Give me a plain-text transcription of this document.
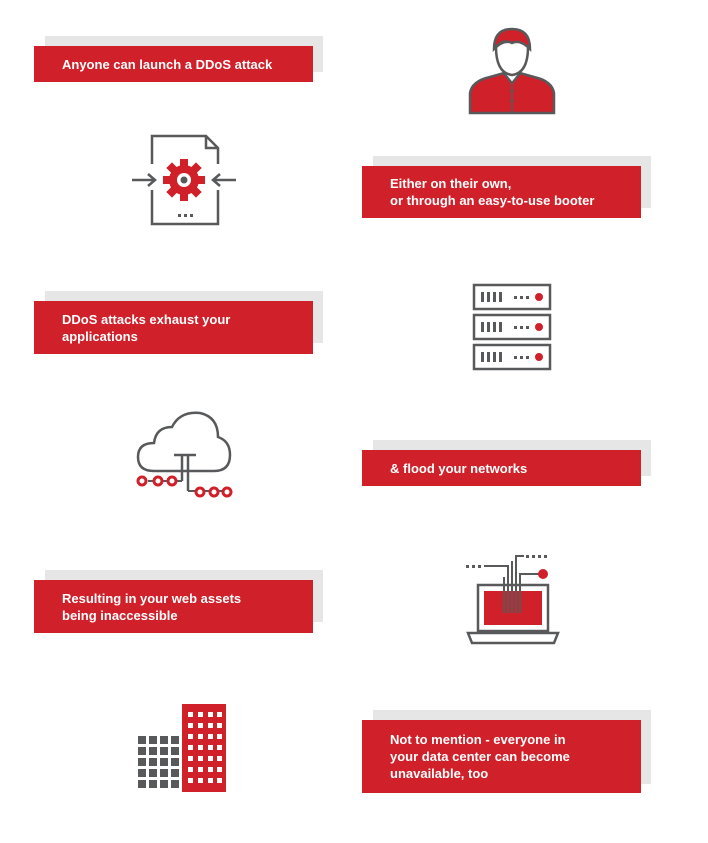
Anyone can launch a DDoS attack
Either on their own,
or through an easy-to-use booter
DDoS attacks exhaust your
applications
& flood your networks
Resulting in your web assets
being inaccessible
Not to mention - everyone in
your data center can become
unavailable, too
